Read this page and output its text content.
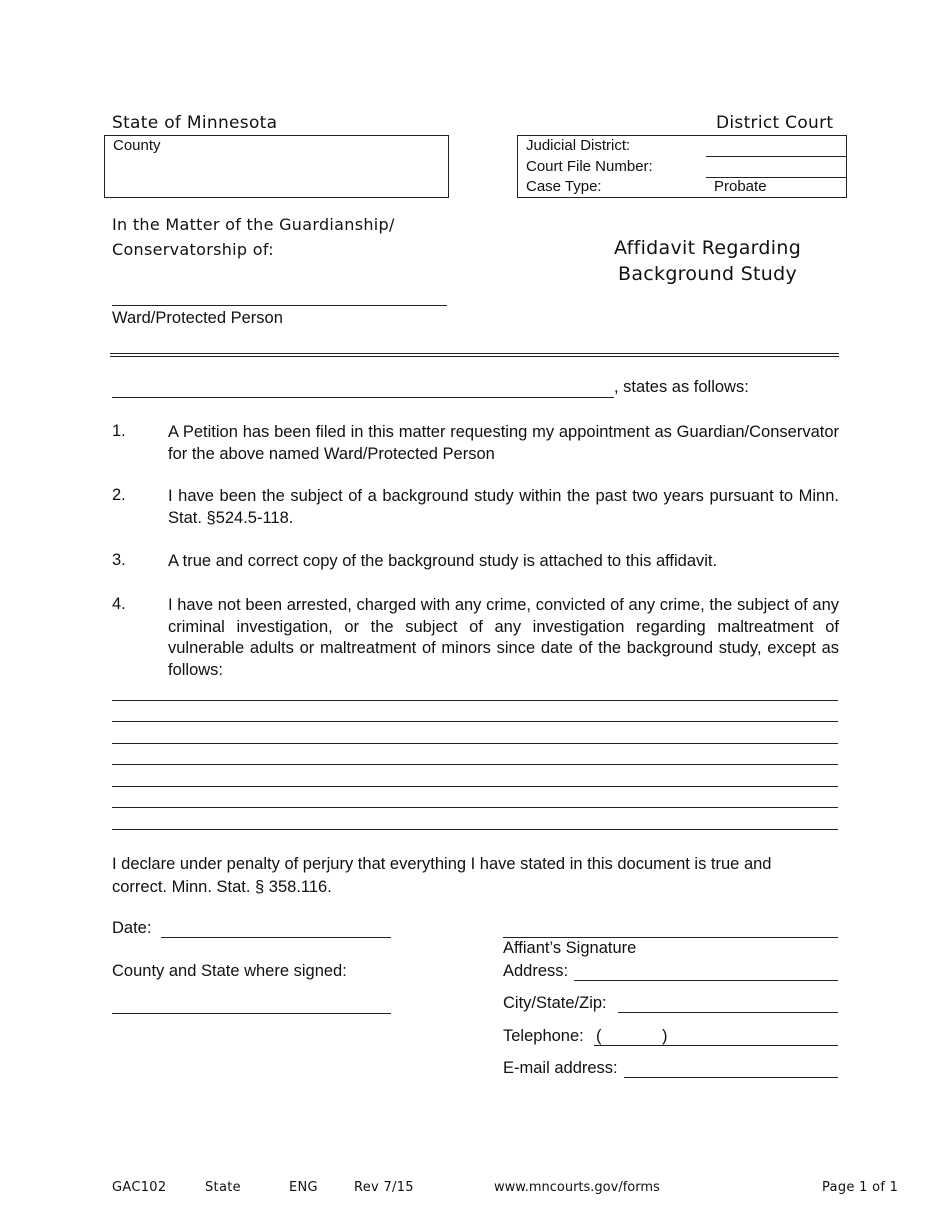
State of Minnesota	District Court
County	Judicial District:
Court File Number:
Case Type:	Probate
In the Matter of the Guardianship/
Conservatorship of:
Ward/Protected Person
Affidavit Regarding
Background Study
, states as follows:
1.	A Petition has been filed in this matter requesting my appointment as Guardian/Conservator for the above named Ward/Protected Person
2.	I have been the subject of a background study within the past two years pursuant to Minn. Stat. §524.5-118.
3.	A true and correct copy of the background study is attached to this affidavit.
4.	I have not been arrested, charged with any crime, convicted of any crime, the subject of any criminal investigation, or the subject of any investigation regarding maltreatment of vulnerable adults or maltreatment of minors since date of the background study, except as follows:
I declare under penalty of perjury that everything I have stated in this document is true and correct. Minn. Stat. § 358.116.
Date:
County and State where signed:
Affiant’s Signature
Address:
City/State/Zip:
Telephone: (	)
E-mail address:
GAC102	State	ENG	Rev 7/15	www.mncourts.gov/forms	Page 1 of 1
